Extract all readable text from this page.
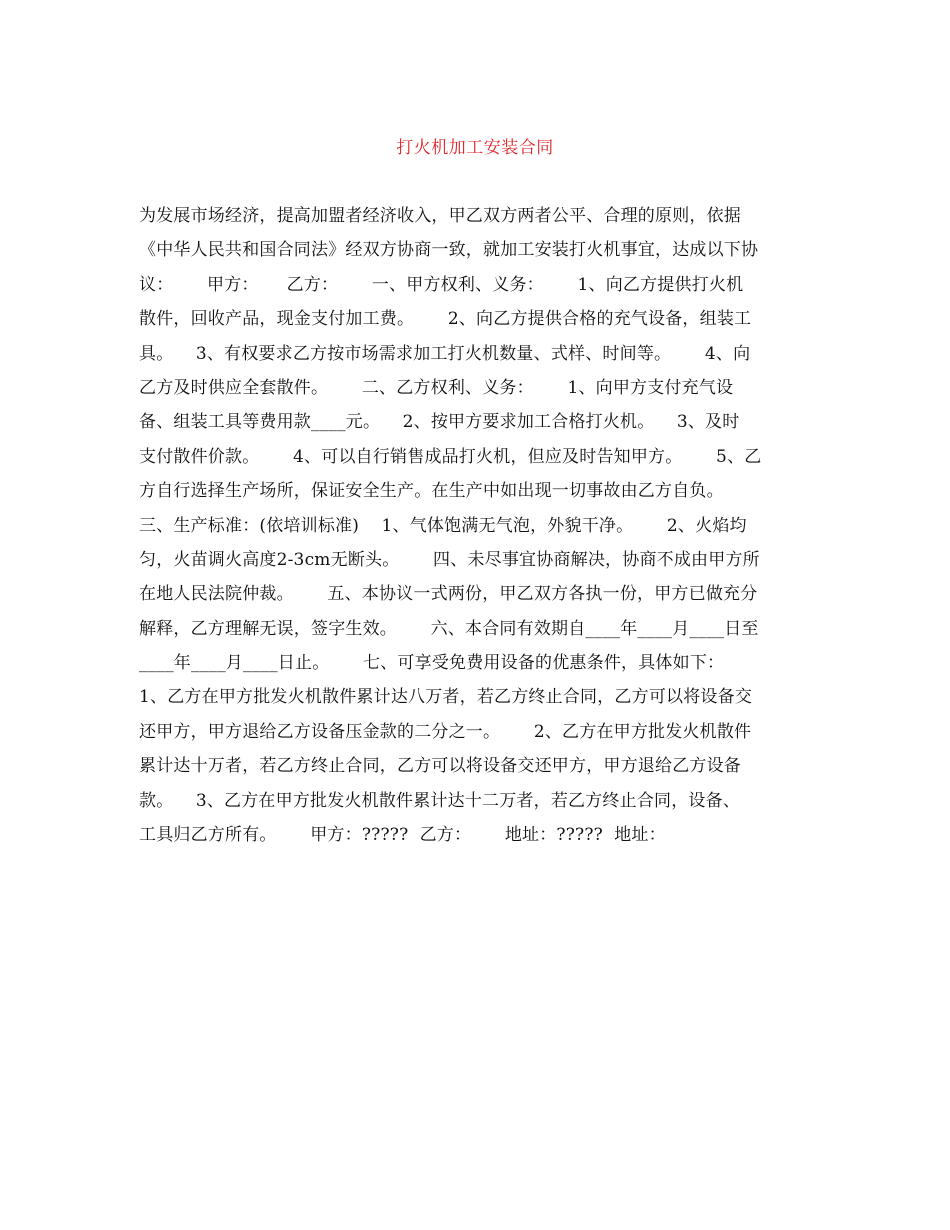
打火机加工安装合同
为发展市场经济，提高加盟者经济收入，甲乙双方两者公平、合理的原则，依据
《中华人民共和国合同法》经双方协商一致，就加工安装打火机事宜，达成以下协
议：      甲方：     乙方：      一、甲方权利、义务：      1、向乙方提供打火机
散件，回收产品，现金支付加工费。      2、向乙方提供合格的充气设备，组装工
具。    3、有权要求乙方按市场需求加工打火机数量、式样、时间等。      4、向
乙方及时供应全套散件。      二、乙方权利、义务：      1、向甲方支付充气设
备、组装工具等费用款____元。    2、按甲方要求加工合格打火机。    3、及时
支付散件价款。      4、可以自行销售成品打火机，但应及时告知甲方。      5、乙
方自行选择生产场所，保证安全生产。在生产中如出现一切事故由乙方自负。
三、生产标准：(依培训标准)    1、气体饱满无气泡，外貌干净。      2、火焰均
匀，火苗调火高度2-3cm无断头。      四、未尽事宜协商解决，协商不成由甲方所
在地人民法院仲裁。      五、本协议一式两份，甲乙双方各执一份，甲方已做充分
解释，乙方理解无误，签字生效。      六、本合同有效期自____年____月____日至
____年____月____日止。      七、可享受免费用设备的优惠条件，具体如下：
1、乙方在甲方批发火机散件累计达八万者，若乙方终止合同，乙方可以将设备交
还甲方，甲方退给乙方设备压金款的二分之一。      2、乙方在甲方批发火机散件
累计达十万者，若乙方终止合同，乙方可以将设备交还甲方，甲方退给乙方设备
款。    3、乙方在甲方批发火机散件累计达十二万者，若乙方终止合同，设备、
工具归乙方所有。      甲方：?????  乙方：      地址：?????  地址：
